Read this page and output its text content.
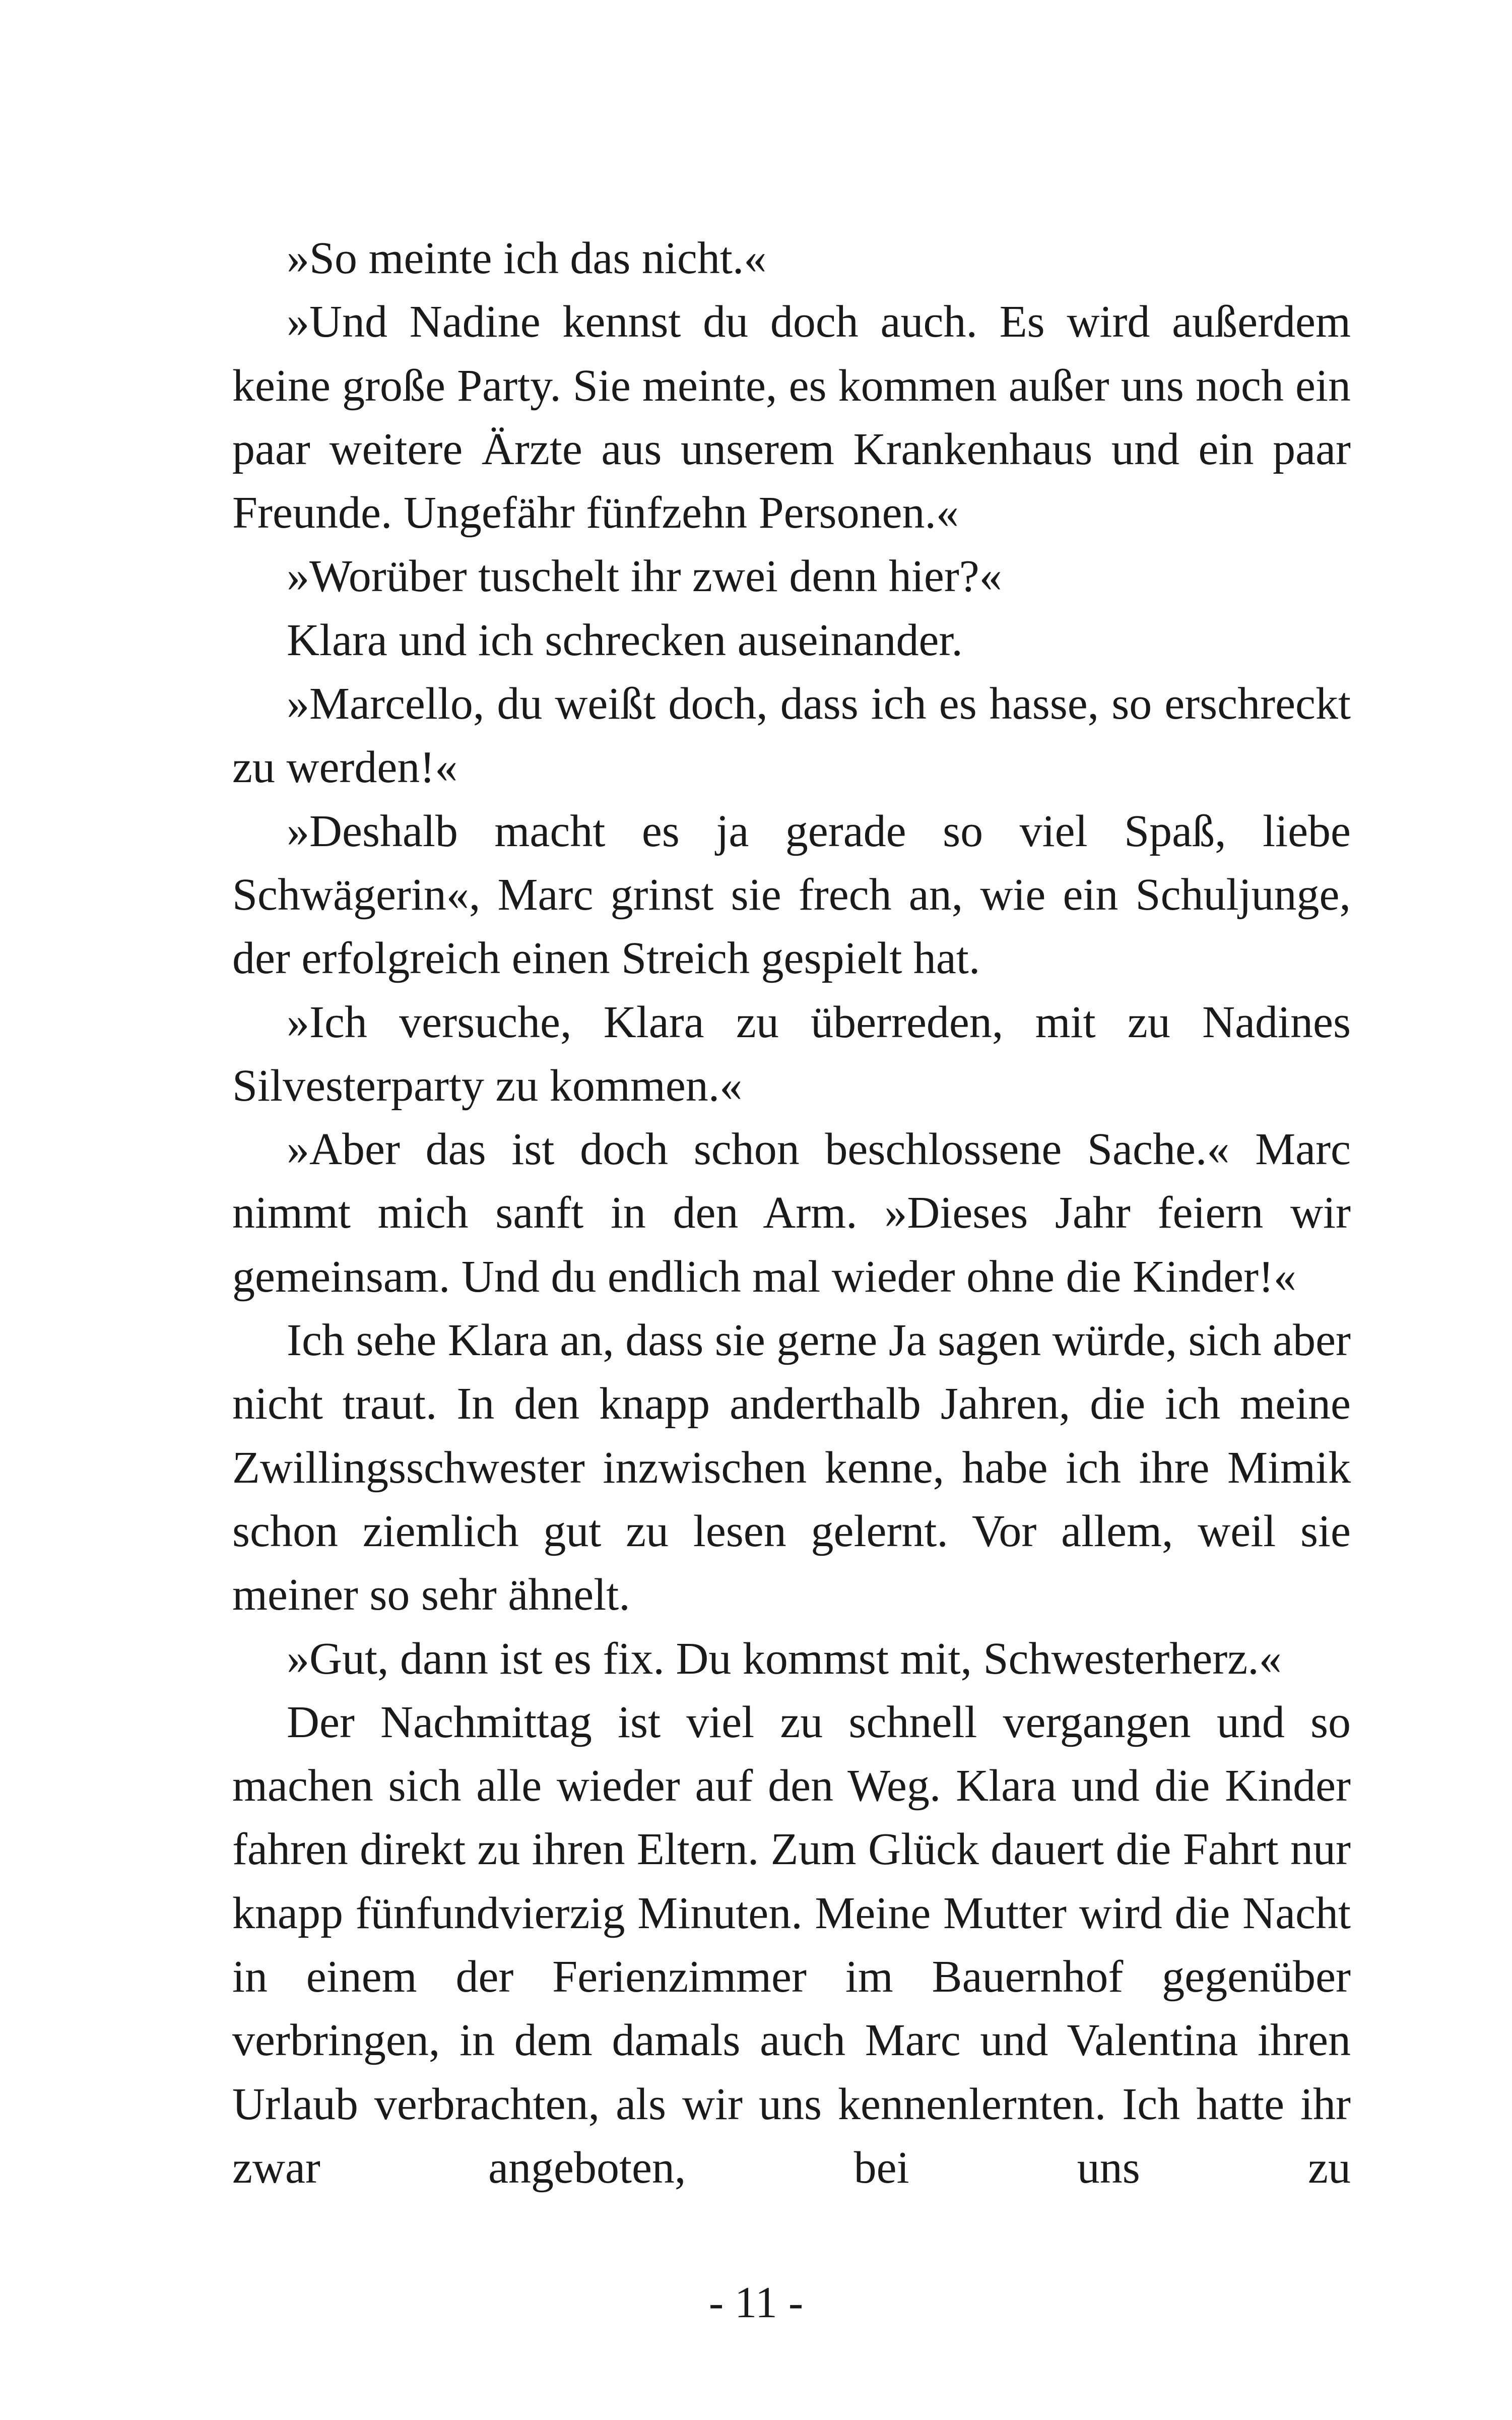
»So meinte ich das nicht.«

»Und Nadine kennst du doch auch. Es wird außerdem keine große Party. Sie meinte, es kommen außer uns noch ein paar weitere Ärzte aus unserem Krankenhaus und ein paar Freunde. Ungefähr fünfzehn Personen.«

»Worüber tuschelt ihr zwei denn hier?«

Klara und ich schrecken auseinander.

»Marcello, du weißt doch, dass ich es hasse, so erschreckt zu werden!«

»Deshalb macht es ja gerade so viel Spaß, liebe Schwägerin«, Marc grinst sie frech an, wie ein Schuljunge, der erfolgreich einen Streich gespielt hat.

»Ich versuche, Klara zu überreden, mit zu Nadines Silvesterparty zu kommen.«

»Aber das ist doch schon beschlossene Sache.« Marc nimmt mich sanft in den Arm. »Dieses Jahr feiern wir gemeinsam. Und du endlich mal wieder ohne die Kinder!«

Ich sehe Klara an, dass sie gerne Ja sagen würde, sich aber nicht traut. In den knapp anderthalb Jahren, die ich meine Zwillingsschwester inzwischen kenne, habe ich ihre Mimik schon ziemlich gut zu lesen gelernt. Vor allem, weil sie meiner so sehr ähnelt.

»Gut, dann ist es fix. Du kommst mit, Schwesterherz.«

Der Nachmittag ist viel zu schnell vergangen und so machen sich alle wieder auf den Weg. Klara und die Kinder fahren direkt zu ihren Eltern. Zum Glück dauert die Fahrt nur knapp fünfundvierzig Minuten. Meine Mutter wird die Nacht in einem der Ferienzimmer im Bauernhof gegenüber verbringen, in dem damals auch Marc und Valentina ihren Urlaub verbrachten, als wir uns kennenlernten. Ich hatte ihr zwar angeboten, bei uns zu

- 11 -
